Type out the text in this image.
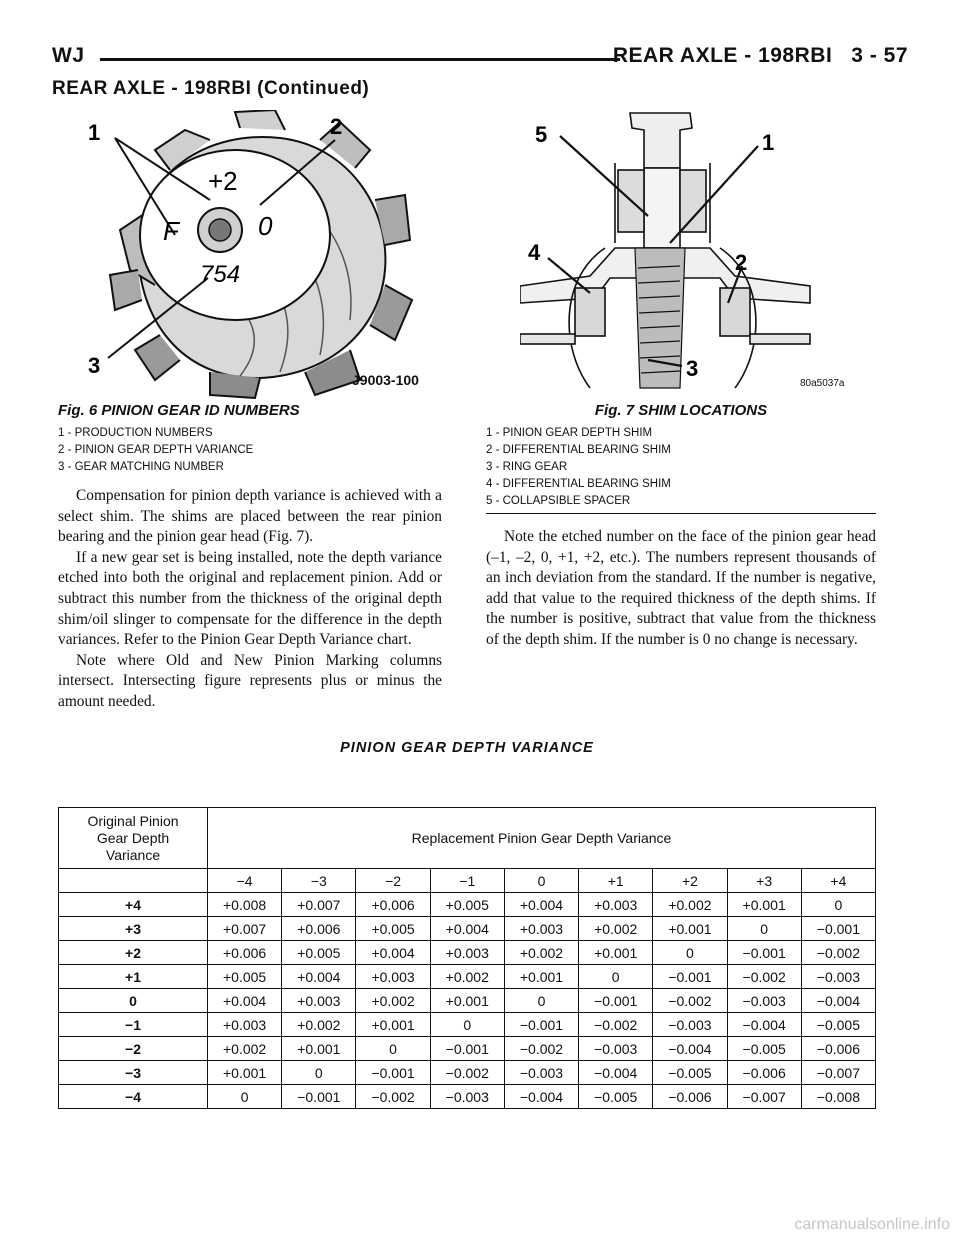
WJ	REAR AXLE - 198RBI 3 - 57
REAR AXLE - 198RBI (Continued)
+2
F	0
754
1	2
3
J9003-100
5	1
4	2
3
80a5037a
Fig. 6 PINION GEAR ID NUMBERS
1 - PRODUCTION NUMBERS
2 - PINION GEAR DEPTH VARIANCE
3 - GEAR MATCHING NUMBER
Fig. 7 SHIM LOCATIONS
1 - PINION GEAR DEPTH SHIM
2 - DIFFERENTIAL BEARING SHIM
3 - RING GEAR
4 - DIFFERENTIAL BEARING SHIM
5 - COLLAPSIBLE SPACER

Compensation for pinion depth variance is achieved with a select shim. The shims are placed between the rear pinion bearing and the pinion gear head (Fig. 7).

If a new gear set is being installed, note the depth variance etched into both the original and replacement pinion. Add or subtract this number from the thickness of the original depth shim/oil slinger to compensate for the difference in the depth variances. Refer to the Pinion Gear Depth Variance chart.

Note where Old and New Pinion Marking columns intersect. Intersecting figure represents plus or minus the amount needed.

Note the etched number on the face of the pinion gear head (–1, –2, 0, +1, +2, etc.). The numbers represent thousands of an inch deviation from the standard. If the number is negative, add that value to the required thickness of the depth shims. If the number is positive, subtract that value from the thickness of the depth shim. If the number is 0 no change is necessary.

PINION GEAR DEPTH VARIANCE
Original Pinion
Gear Depth
Variance	Replacement Pinion Gear Depth Variance								
	−4	−3	−2	−1	0	+1	+2	+3	+4
+4	+0.008	+0.007	+0.006	+0.005	+0.004	+0.003	+0.002	+0.001	0
+3	+0.007	+0.006	+0.005	+0.004	+0.003	+0.002	+0.001	0	−0.001
+2	+0.006	+0.005	+0.004	+0.003	+0.002	+0.001	0	−0.001	−0.002
+1	+0.005	+0.004	+0.003	+0.002	+0.001	0	−0.001	−0.002	−0.003
0	+0.004	+0.003	+0.002	+0.001	0	−0.001	−0.002	−0.003	−0.004
−1	+0.003	+0.002	+0.001	0	−0.001	−0.002	−0.003	−0.004	−0.005
−2	+0.002	+0.001	0	−0.001	−0.002	−0.003	−0.004	−0.005	−0.006
−3	+0.001	0	−0.001	−0.002	−0.003	−0.004	−0.005	−0.006	−0.007
−4	0	−0.001	−0.002	−0.003	−0.004	−0.005	−0.006	−0.007	−0.008
carmanualsonline.info
